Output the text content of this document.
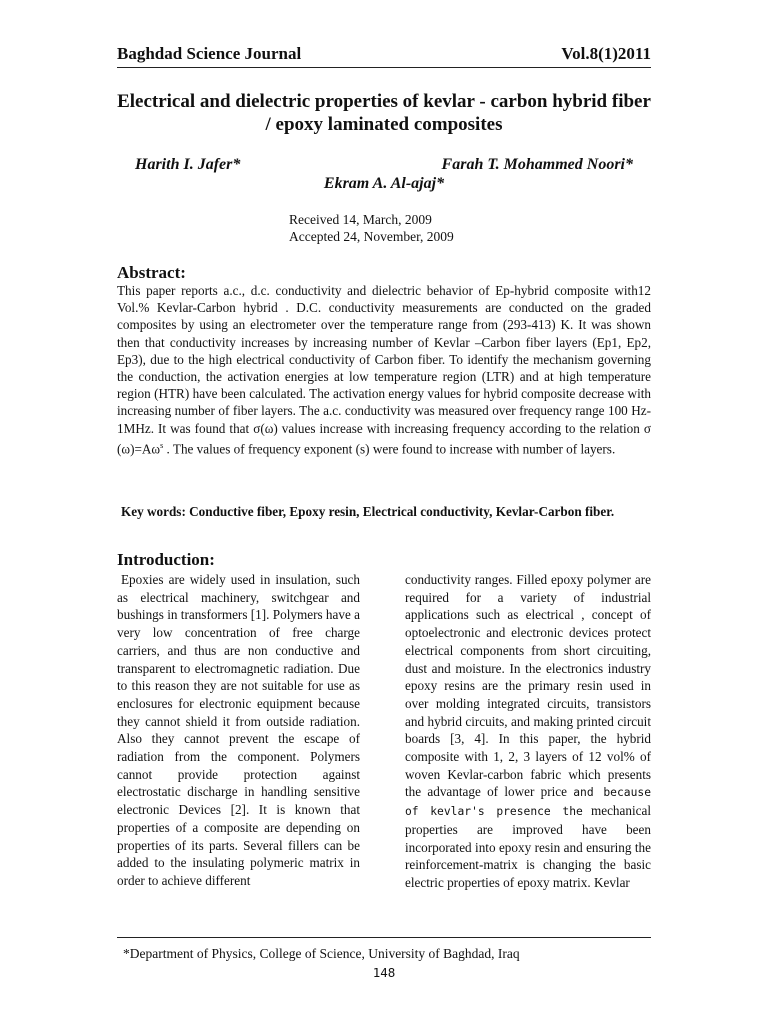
Baghdad Science Journal	Vol.8(1)2011
Electrical and dielectric properties of kevlar - carbon hybrid fiber / epoxy laminated composites
Harith I. Jafer*	Farah T. Mohammed Noori*
Ekram A. Al-ajaj*
Received 14, March, 2009
Accepted 24, November, 2009
Abstract:
This paper reports a.c., d.c. conductivity and dielectric behavior of Ep-hybrid composite with12 Vol.% Kevlar-Carbon hybrid . D.C. conductivity measurements are conducted on the graded composites by using an electrometer over the temperature range from (293-413) K. It was shown then that conductivity increases by increasing number of Kevlar –Carbon fiber layers (Ep1, Ep2, Ep3), due to the high electrical conductivity of Carbon fiber. To identify the mechanism governing the conduction, the activation energies at low temperature region (LTR) and at high temperature region (HTR) have been calculated. The activation energy values for hybrid composite decrease with increasing number of fiber layers. The a.c. conductivity was measured over frequency range 100 Hz-1MHz. It was found that σ(ω) values increase with increasing frequency according to the relation σ $(\omega)=A\omega^s$ . The values of frequency exponent (s) were found to increase with number of layers.
Key words: Conductive fiber, Epoxy resin, Electrical conductivity, Kevlar-Carbon fiber.
Introduction:

Epoxies are widely used in insulation, such as electrical machinery, switchgear and bushings in transformers [1]. Polymers have a very low concentration of free charge carriers, and thus are non conductive and transparent to electromagnetic radiation. Due to this reason they are not suitable for use as enclosures for electronic equipment because they cannot shield it from outside radiation. Also they cannot prevent the escape of radiation from the component. Polymers cannot provide protection against electrostatic discharge in handling sensitive electronic Devices [2]. It is known that properties of a composite are depending on properties of its parts. Several fillers can be added to the insulating polymeric matrix in order to achieve different

conductivity ranges. Filled epoxy polymer are required for a variety of industrial applications such as electrical , concept of optoelectronic and electronic devices protect electrical components from short circuiting, dust and moisture. In the electronics industry epoxy resins are the primary resin used in over molding integrated circuits, transistors and hybrid circuits, and making printed circuit boards [3, 4]. In this paper, the hybrid composite with 1, 2, 3 layers of 12 vol% of woven Kevlar-carbon fabric which presents the advantage of lower price and because of kevlar's presence the mechanical properties are improved have been incorporated into epoxy resin and ensuring the reinforcement-matrix is changing the basic electric properties of epoxy matrix. Kevlar
*Department of Physics, College of Science, University of Baghdad, Iraq
148
